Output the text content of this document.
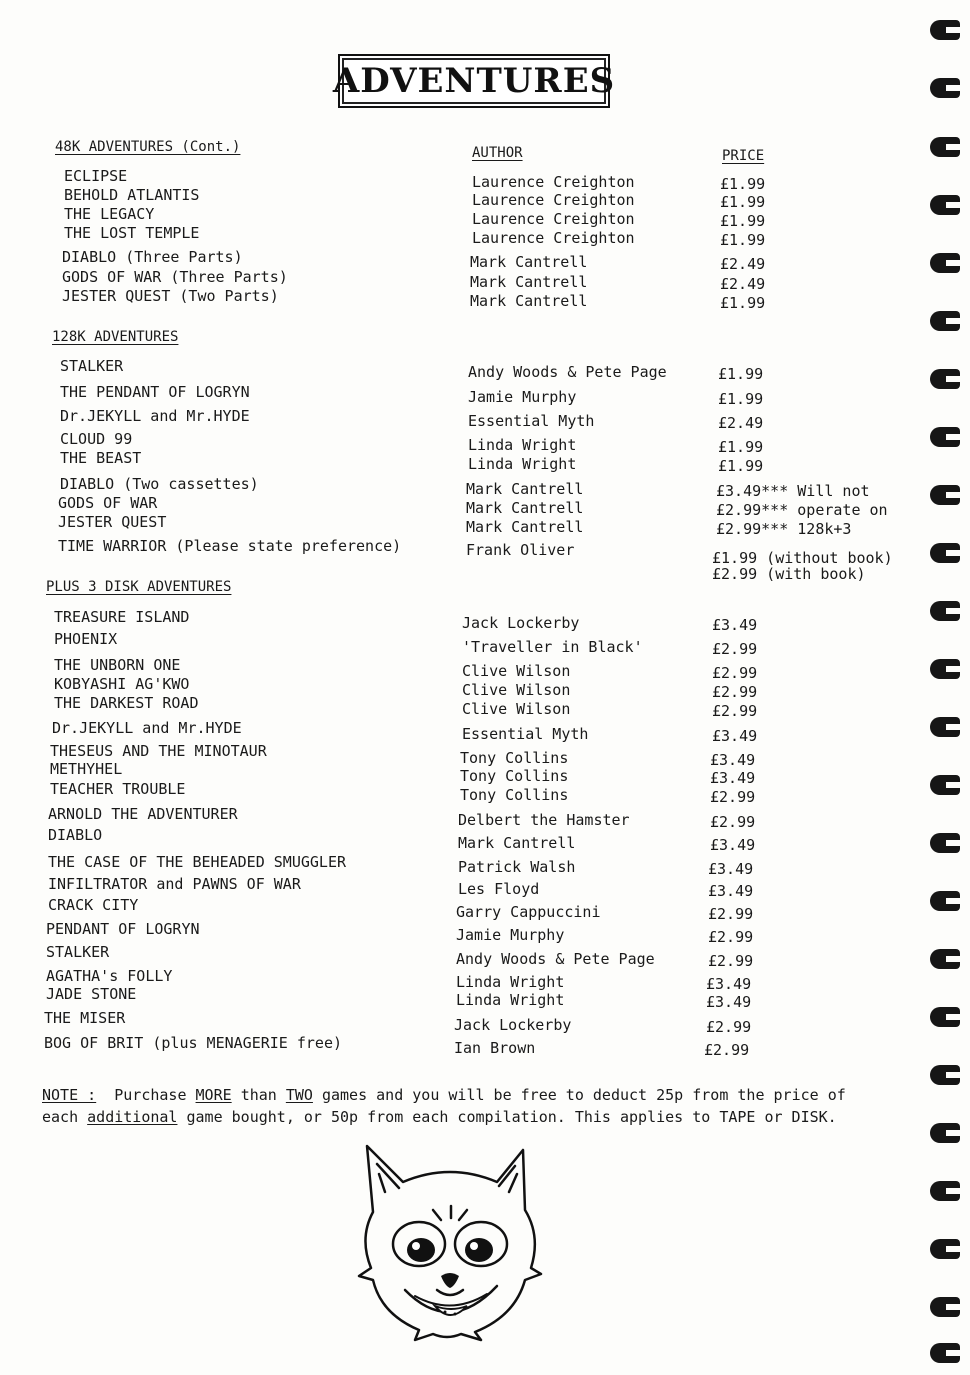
ADVENTURES
AUTHOR	PRICE
48K ADVENTURES (Cont.)
ECLIPSE	Laurence Creighton	£1.99
BEHOLD ATLANTIS	Laurence Creighton	£1.99
THE LEGACY	Laurence Creighton	£1.99
THE LOST TEMPLE	Laurence Creighton	£1.99
DIABLO (Three Parts)	Mark Cantrell	£2.49
GODS OF WAR (Three Parts)	Mark Cantrell	£2.49
JESTER QUEST (Two Parts)	Mark Cantrell	£1.99
128K ADVENTURES
STALKER	Andy Woods & Pete Page	£1.99
THE PENDANT OF LOGRYN	Jamie Murphy	£1.99
Dr.JEKYLL and Mr.HYDE	Essential Myth	£2.49
CLOUD 99	Linda Wright	£1.99
THE BEAST	Linda Wright	£1.99
DIABLO (Two cassettes)	Mark Cantrell	£3.49*** Will not
GODS OF WAR	Mark Cantrell	£2.99*** operate on
JESTER QUEST	Mark Cantrell	£2.99*** 128k+3
TIME WARRIOR (Please state preference)	Frank Oliver	£1.99 (without book)
£2.99 (with book)
PLUS 3 DISK ADVENTURES
TREASURE ISLAND	Jack Lockerby	£3.49
PHOENIX	'Traveller in Black'	£2.99
THE UNBORN ONE	Clive Wilson	£2.99
KOBYASHI AG'KWO	Clive Wilson	£2.99
THE DARKEST ROAD	Clive Wilson	£2.99
Dr.JEKYLL and Mr.HYDE	Essential Myth	£3.49
THESEUS AND THE MINOTAUR	Tony Collins	£3.49
METHYHEL	Tony Collins	£3.49
TEACHER TROUBLE	Tony Collins	£2.99
ARNOLD THE ADVENTURER	Delbert the Hamster	£2.99
DIABLO	Mark Cantrell	£3.49
THE CASE OF THE BEHEADED SMUGGLER	Patrick Walsh	£3.49
INFILTRATOR and PAWNS OF WAR	Les Floyd	£3.49
CRACK CITY	Garry Cappuccini	£2.99
PENDANT OF LOGRYN	Jamie Murphy	£2.99
STALKER	Andy Woods & Pete Page	£2.99
AGATHA's FOLLY	Linda Wright	£3.49
JADE STONE	Linda Wright	£3.49
THE MISER	Jack Lockerby	£2.99
BOG OF BRIT (plus MENAGERIE free)	Ian Brown	£2.99
NOTE : Purchase MORE than TWO games and you will be free to deduct 25p from the price of each additional game bought, or 50p from each compilation. This applies to TAPE or DISK.
